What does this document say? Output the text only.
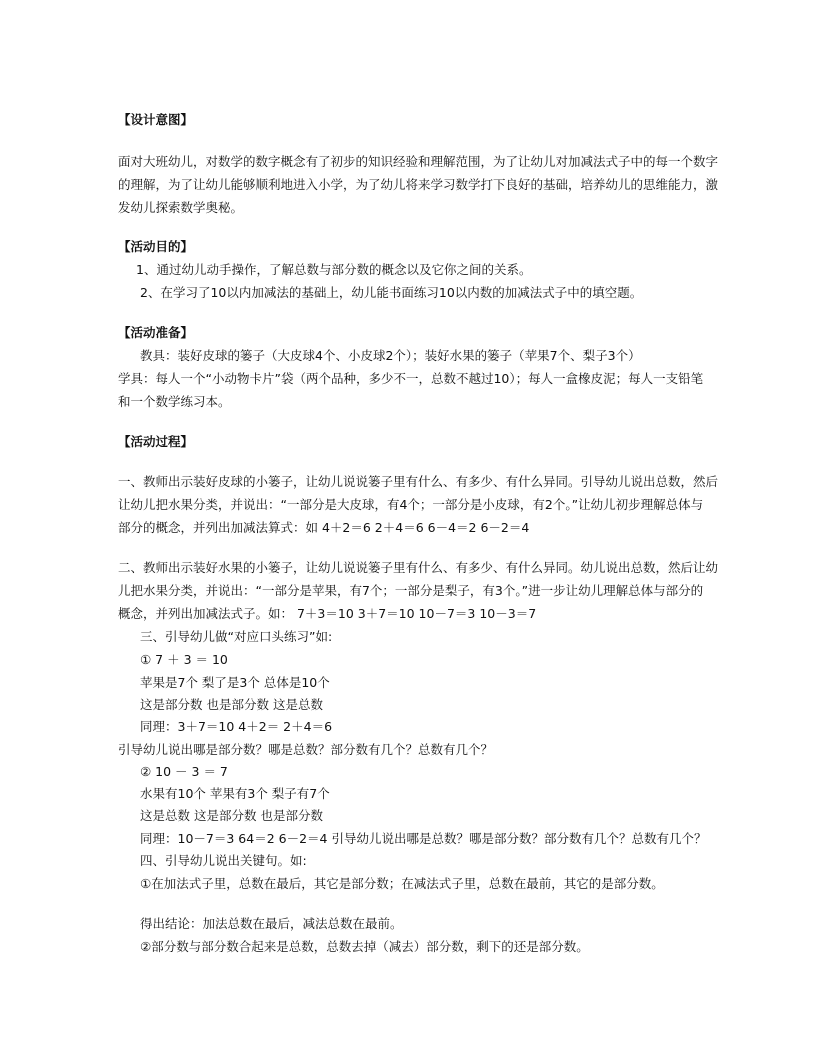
【设计意图】
面对大班幼儿，对数学的数字概念有了初步的知识经验和理解范围，为了让幼儿对加减法式子中的每一个数字
的理解，为了让幼儿能够顺利地进入小学，为了幼儿将来学习数学打下良好的基础，培养幼儿的思维能力，激
发幼儿探索数学奥秘。
【活动目的】
1、通过幼儿动手操作，了解总数与部分数的概念以及它你之间的关系。
2、在学习了10以内加减法的基础上，幼儿能书面练习10以内数的加减法式子中的填空题。
【活动准备】
教具：装好皮球的篓子（大皮球4个、小皮球2个）；装好水果的篓子（苹果7个、梨子3个）
学具：每人一个“小动物卡片”袋（两个品种，多少不一，总数不越过10）；每人一盒橡皮泥；每人一支铅笔
和一个数学练习本。
【活动过程】
一、教师出示装好皮球的小篓子，让幼儿说说篓子里有什么、有多少、有什么异同。引导幼儿说出总数，然后
让幼儿把水果分类，并说出：“一部分是大皮球，有4个；一部分是小皮球，有2个。”让幼儿初步理解总体与
部分的概念，并列出加减法算式：如 4＋2＝6 2＋4＝6 6－4＝2 6－2＝4
二、教师出示装好水果的小篓子，让幼儿说说篓子里有什么、有多少、有什么异同。幼儿说出总数，然后让幼
儿把水果分类，并说出：“一部分是苹果，有7个；一部分是梨子，有3个。”进一步让幼儿理解总体与部分的
概念，并列出加减法式子。如： 7＋3＝10 3＋7＝10 10－7＝3 10－3＝7
三、引导幼儿做“对应口头练习”如:
① 7 ＋ 3 ＝ 10
苹果是7个 梨了是3个 总体是10个
这是部分数 也是部分数 这是总数
同理：3＋7＝10 4＋2＝ 2＋4＝6
引导幼儿说出哪是部分数？哪是总数？部分数有几个？总数有几个？
② 10 － 3 ＝ 7
水果有10个 苹果有3个 梨子有7个
这是总数 这是部分数 也是部分数
同理：10－7＝3 64＝2 6－2＝4 引导幼儿说出哪是总数？哪是部分数？部分数有几个？总数有几个？
四、引导幼儿说出关键句。如:
①在加法式子里，总数在最后，其它是部分数；在减法式子里，总数在最前，其它的是部分数。
得出结论：加法总数在最后，减法总数在最前。
②部分数与部分数合起来是总数，总数去掉（减去）部分数，剩下的还是部分数。
